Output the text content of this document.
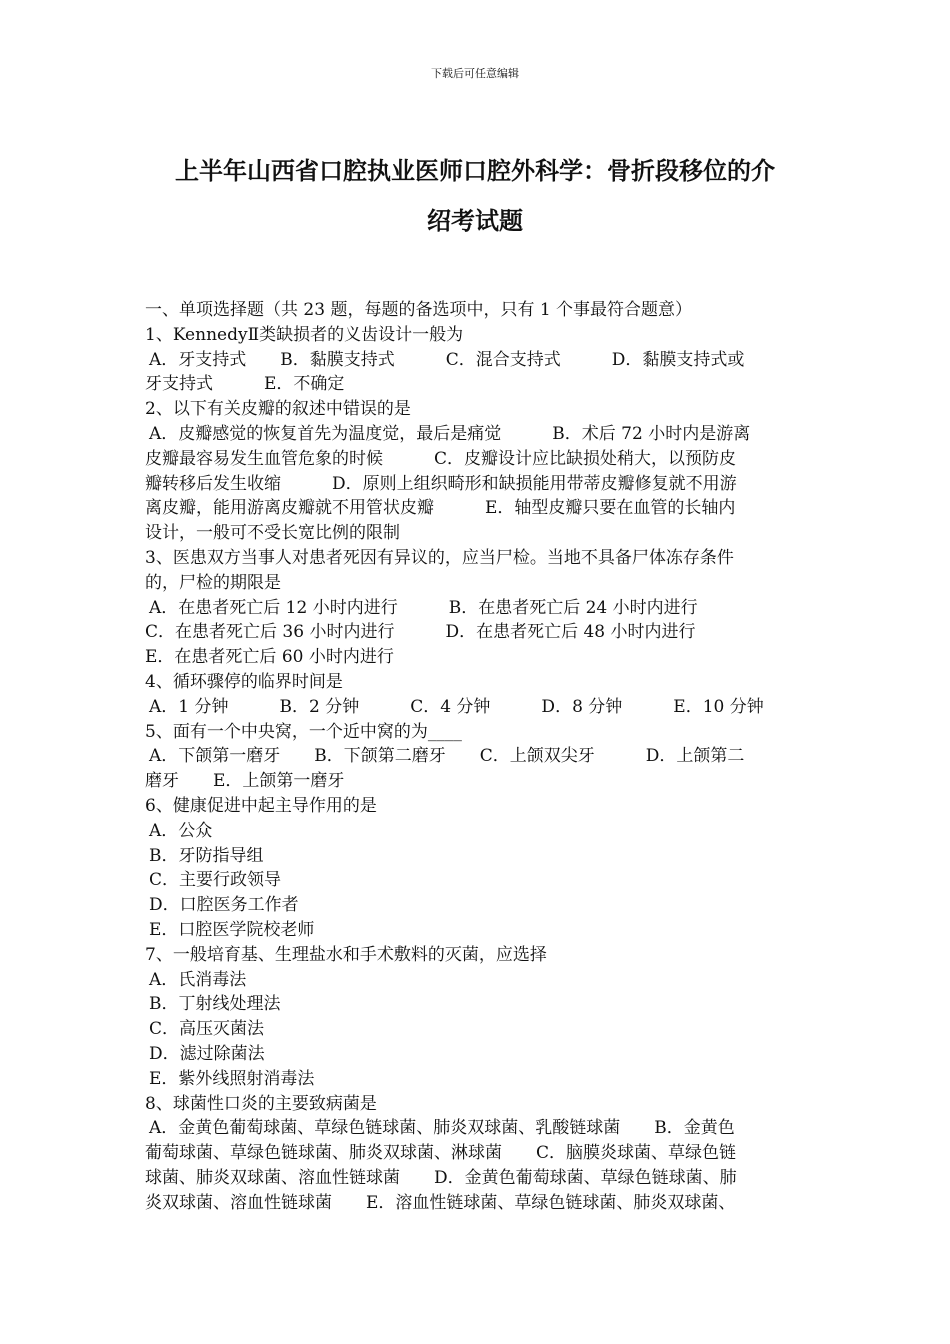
下载后可任意编辑
上半年山西省口腔执业医师口腔外科学：骨折段移位的介
绍考试题
一、单项选择题（共 23 题，每题的备选项中，只有 1 个事最符合题意）
1、KennedyⅡ类缺损者的义齿设计一般为
A．牙支持式　　B．黏膜支持式　　　C．混合支持式　　　D．黏膜支持式或
牙支持式　　　E．不确定
2、以下有关皮瓣的叙述中错误的是
A．皮瓣感觉的恢复首先为温度觉，最后是痛觉　　　B．术后 72 小时内是游离
皮瓣最容易发生血管危象的时候　　　C．皮瓣设计应比缺损处稍大，以预防皮
瓣转移后发生收缩　　　D．原则上组织畸形和缺损能用带蒂皮瓣修复就不用游
离皮瓣，能用游离皮瓣就不用管状皮瓣　　　E．轴型皮瓣只要在血管的长轴内
设计，一般可不受长宽比例的限制
3、医患双方当事人对患者死因有异议的，应当尸检。当地不具备尸体冻存条件
的，尸检的期限是
A．在患者死亡后 12 小时内进行　　　B．在患者死亡后 24 小时内进行
C．在患者死亡后 36 小时内进行　　　D．在患者死亡后 48 小时内进行
E．在患者死亡后 60 小时内进行
4、循环骤停的临界时间是
A．1 分钟　　　B．2 分钟　　　C．4 分钟　　　D．8 分钟　　　E．10 分钟
5、面有一个中央窝，一个近中窝的为____
A．下颌第一磨牙　　B．下颌第二磨牙　　C．上颌双尖牙　　　D．上颌第二
磨牙　　E．上颌第一磨牙
6、健康促进中起主导作用的是
A．公众
B．牙防指导组
C．主要行政领导
D．口腔医务工作者
E．口腔医学院校老师
7、一般培育基、生理盐水和手术敷料的灭菌，应选择
A．氏消毒法
B．丁射线处理法
C．高压灭菌法
D．滤过除菌法
E．紫外线照射消毒法
8、球菌性口炎的主要致病菌是
A．金黄色葡萄球菌、草绿色链球菌、肺炎双球菌、乳酸链球菌　　B．金黄色
葡萄球菌、草绿色链球菌、肺炎双球菌、淋球菌　　C．脑膜炎球菌、草绿色链
球菌、肺炎双球菌、溶血性链球菌　　D．金黄色葡萄球菌、草绿色链球菌、肺
炎双球菌、溶血性链球菌　　E．溶血性链球菌、草绿色链球菌、肺炎双球菌、
